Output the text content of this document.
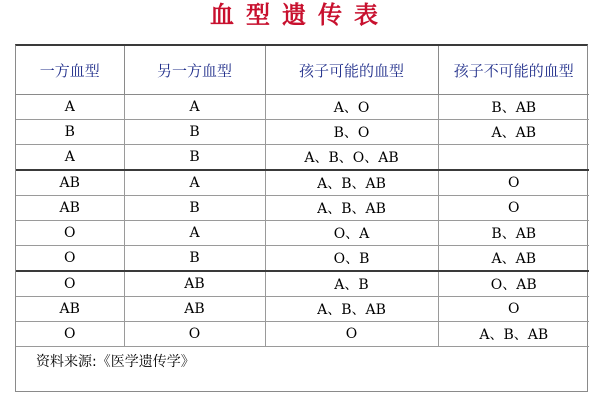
血型遗传表
一方血型	另一方血型	孩子可能的血型	孩子不可能的血型
A	A	A、O	B、AB
B	B	B、O	A、AB
A	B	A、B、O、AB	
AB	A	A、B、AB	O
AB	B	A、B、AB	O
O	A	O、A	B、AB
O	B	O、B	A、AB
O	AB	A、B	O、AB
AB	AB	A、B、AB	O
O	O	O	A、B、AB
资料来源:《医学遗传学》
